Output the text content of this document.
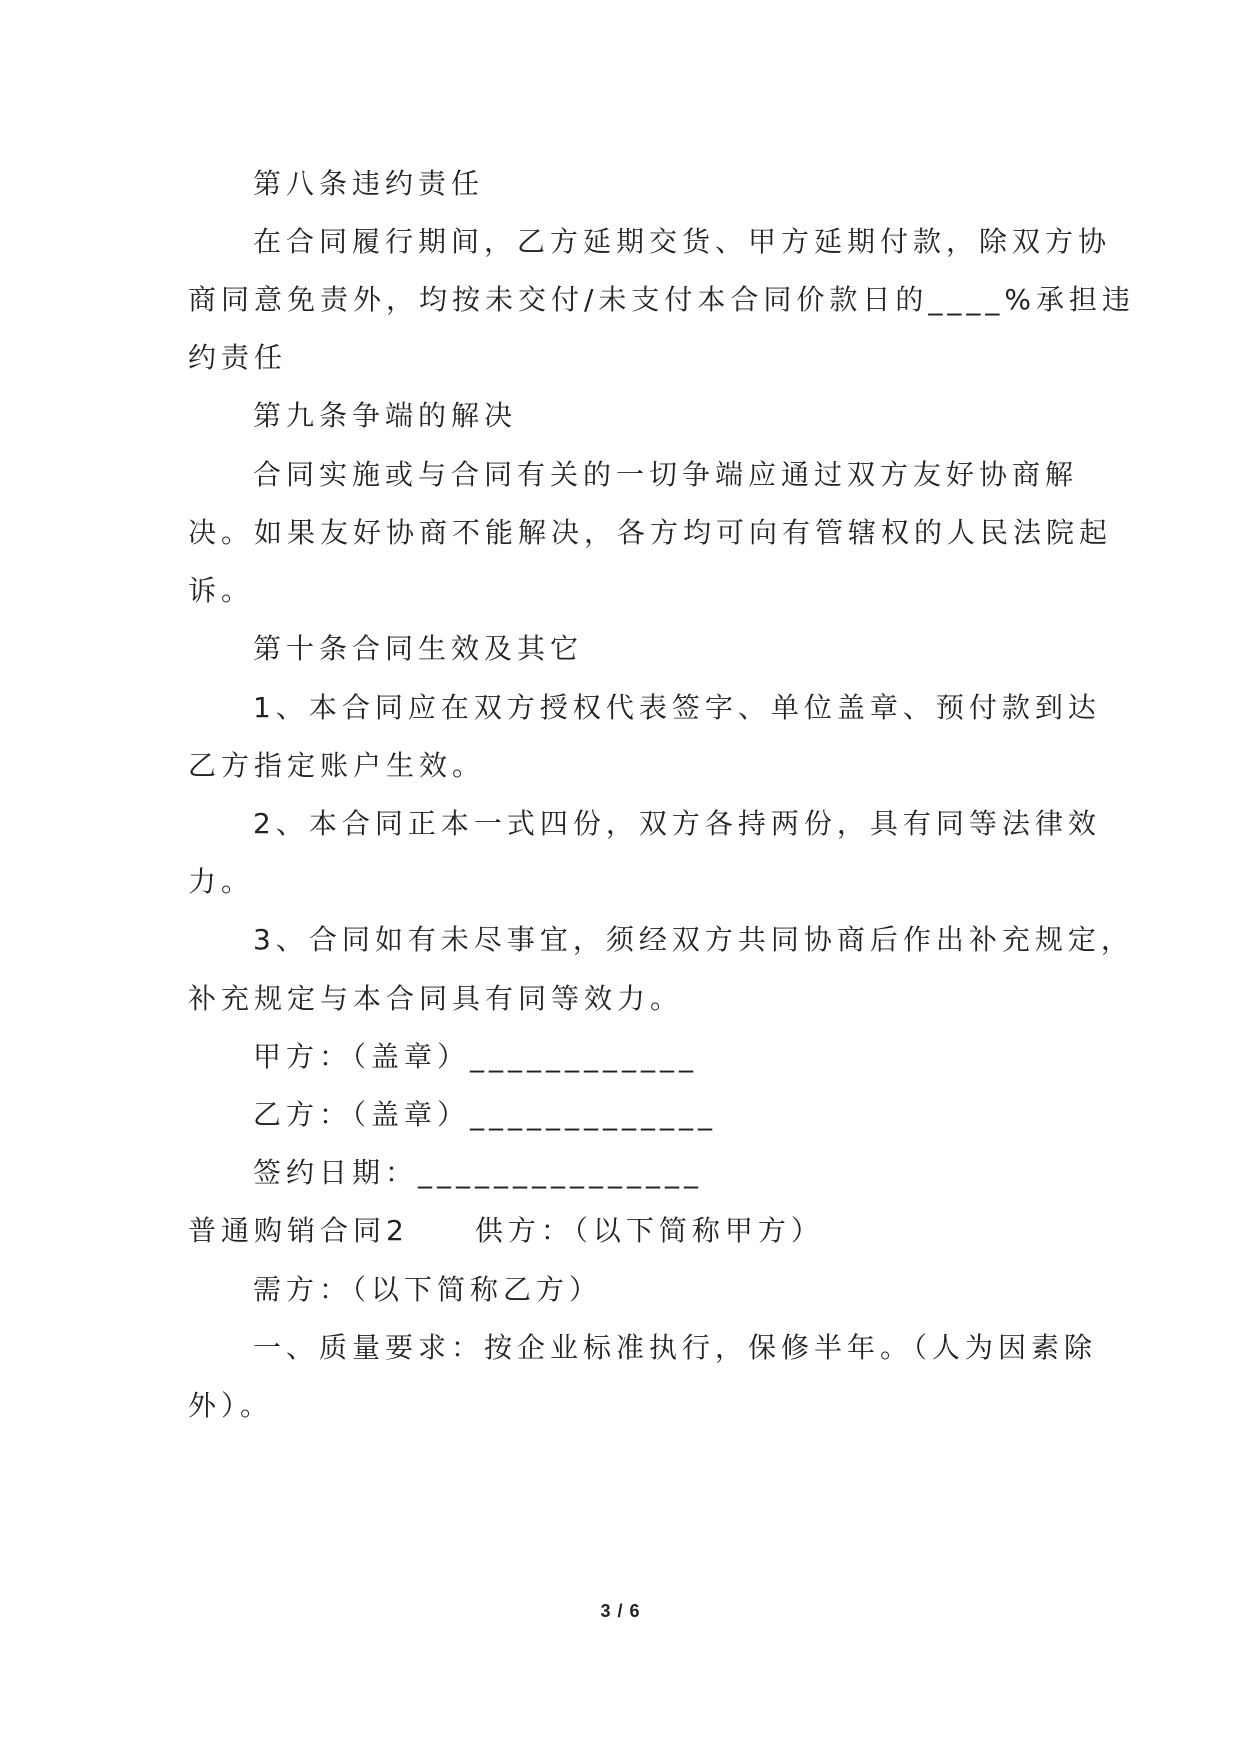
第八条违约责任
在合同履行期间，乙方延期交货、甲方延期付款，除双方协
商同意免责外，均按未交付/未支付本合同价款日的____%承担违
约责任
第九条争端的解决
合同实施或与合同有关的一切争端应通过双方友好协商解
决。如果友好协商不能解决，各方均可向有管辖权的人民法院起
诉。
第十条合同生效及其它
1、本合同应在双方授权代表签字、单位盖章、预付款到达
乙方指定账户生效。
2、本合同正本一式四份，双方各持两份，具有同等法律效
力。
3、合同如有未尽事宜，须经双方共同协商后作出补充规定，
补充规定与本合同具有同等效力。
甲方：（盖章）____________
乙方：（盖章）_____________
签约日期：_______________
普通购销合同2　　供方：（以下简称甲方）
需方：（以下简称乙方）
一、质量要求：按企业标准执行，保修半年。（人为因素除
外）。
3 / 6
